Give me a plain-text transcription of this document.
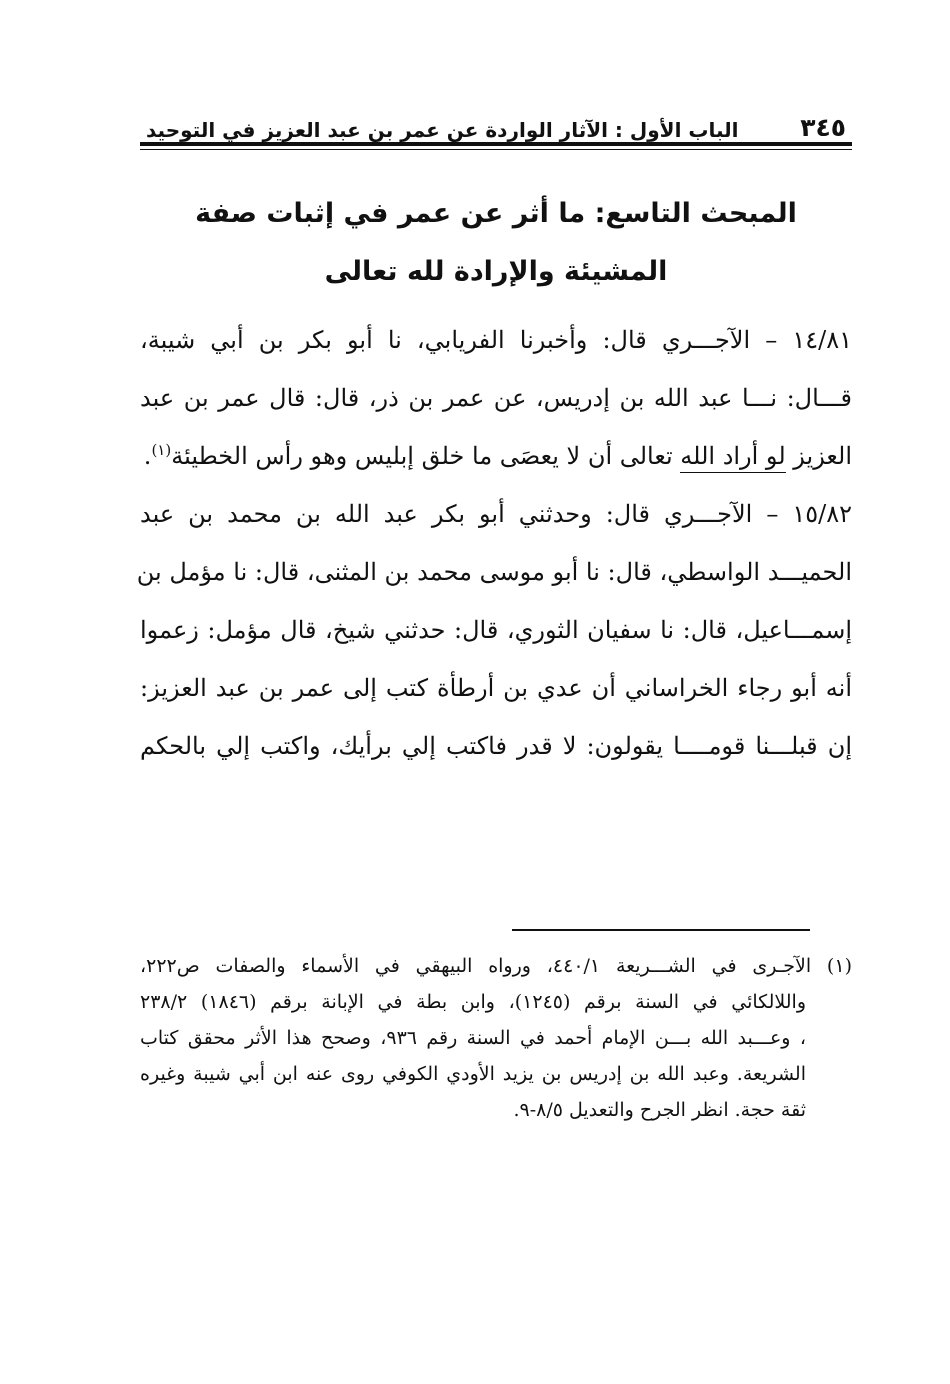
٣٤٥
الباب الأول : الآثار الواردة عن عمر بن عبد العزيز في التوحيد
المبحث التاسع: ما أثر عن عمر في إثبات صفة
المشيئة والإرادة لله تعالى
١٤/٨١ – الآجـــري قال: وأخبرنا الفريابي، نا أبو بكر بن أبي شيبة،
قـــال: نـــا عبد الله بن إدريس، عن عمر بن ذر، قال: قال عمر بن عبد
العزيز لو أراد الله تعالى أن لا يعصَى ما خلق إبليس وهو رأس الخطيئة$^{(١)}$.
١٥/٨٢ – الآجـــري قال: وحدثني أبو بكر عبد الله بن محمد بن عبد
الحميـــد الواسطي، قال: نا أبو موسى محمد بن المثنى، قال: نا مؤمل بن
إسمـــاعيل، قال: نا سفيان الثوري، قال: حدثني شيخ، قال مؤمل: زعموا
أنه أبو رجاء الخراساني أن عدي بن أرطأة كتب إلى عمر بن عبد العزيز:
إن قبلـــنا قومــــا يقولون: لا قدر فاكتب إلي برأيك، واكتب إلي بالحكم
(١) الآجـرى في الشـــريعة ٤٤٠/١، ورواه البيهقي في الأسماء والصفات ص٢٢٢،
واللالكائي في السنة برقم (١٢٤٥)، وابن بطة في الإبانة برقم (١٨٤٦) ٢٣٨/٢
، وعـــبد الله بـــن الإمام أحمد في السنة رقم ٩٣٦، وصحح هذا الأثر محقق كتاب
الشريعة. وعبد الله بن إدريس بن يزيد الأودي الكوفي روى عنه ابن أبي شيبة وغيره
ثقة حجة. انظر الجرح والتعديل ٨/٥-٩.
